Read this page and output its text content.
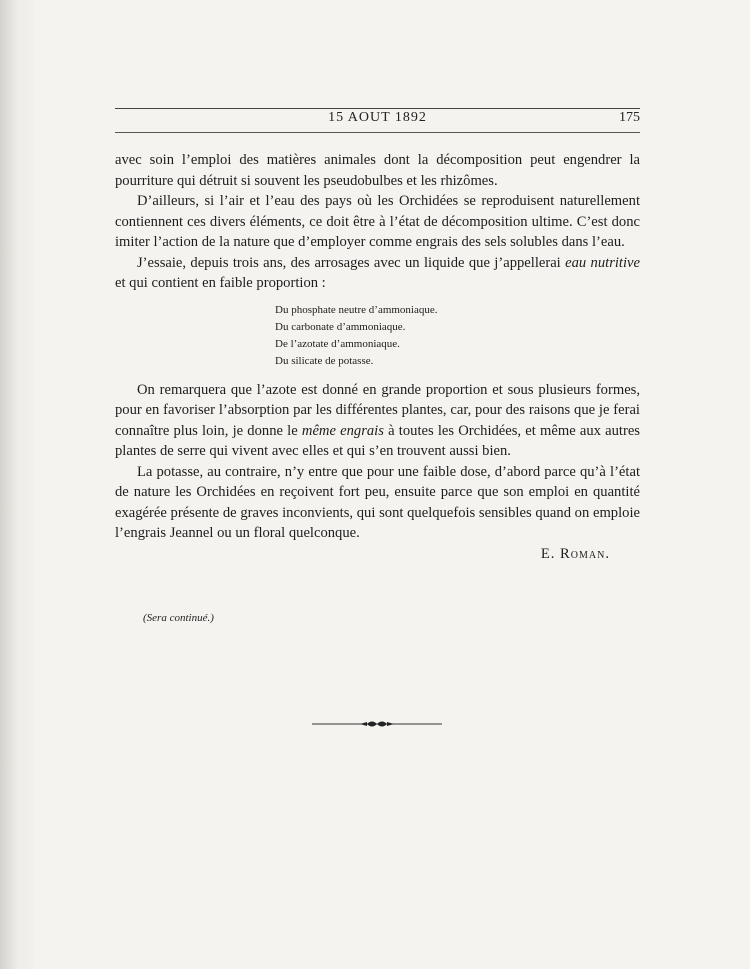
15 AOUT 1892	175

avec soin l’emploi des matières animales dont la décomposition peut engendrer la pourriture qui détruit si souvent les pseudobulbes et les rhizômes.

D’ailleurs, si l’air et l’eau des pays où les Orchidées se reproduisent naturellement contiennent ces divers éléments, ce doit être à l’état de décomposition ultime. C’est donc imiter l’action de la nature que d’employer comme engrais des sels solubles dans l’eau.

J’essaie, depuis trois ans, des arrosages avec un liquide que j’appellerai eau nutritive et qui contient en faible proportion :

Du phosphate neutre d’ammoniaque.
Du carbonate d’ammoniaque.
De l’azotate d’ammoniaque.
Du silicate de potasse.

On remarquera que l’azote est donné en grande proportion et sous plusieurs formes, pour en favoriser l’absorption par les différentes plantes, car, pour des raisons que je ferai connaître plus loin, je donne le même engrais à toutes les Orchidées, et même aux autres plantes de serre qui vivent avec elles et qui s’en trouvent aussi bien.

La potasse, au contraire, n’y entre que pour une faible dose, d’abord parce qu’à l’état de nature les Orchidées en reçoivent fort peu, ensuite parce que son emploi en quantité exagérée présente de graves inconvients, qui sont quelquefois sensibles quand on emploie l’engrais Jeannel ou un floral quelconque.

E. Roman.

(Sera continué.)
